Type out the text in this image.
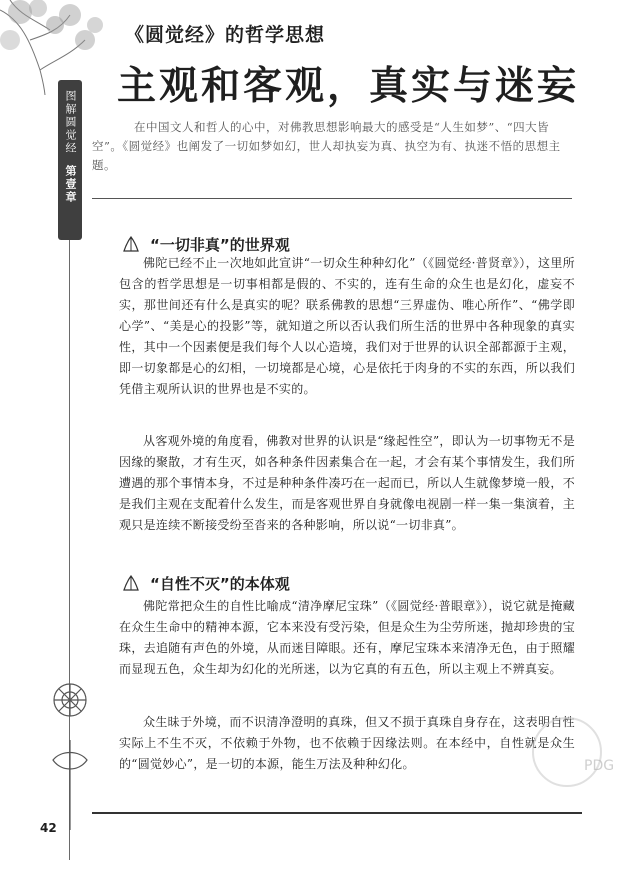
图解圆觉经
第壹章
《圆觉经》的哲学思想
主观和客观，真实与迷妄
在中国文人和哲人的心中，对佛教思想影响最大的感受是“人生如梦”、“四大皆空”。《圆觉经》也阐发了一切如梦如幻，世人却执妄为真、执空为有、执迷不悟的思想主题。
“一切非真”的世界观
佛陀已经不止一次地如此宣讲“一切众生种种幻化”（《圆觉经·普贤章》），这里所包含的哲学思想是一切事相都是假的、不实的，连有生命的众生也是幻化，虚妄不实，那世间还有什么是真实的呢？联系佛教的思想“三界虚伪、唯心所作”、“佛学即心学”、“美是心的投影”等，就知道之所以否认我们所生活的世界中各种现象的真实性，其中一个因素便是我们每个人以心造境，我们对于世界的认识全部都源于主观，即一切象都是心的幻相，一切境都是心境，心是依托于肉身的不实的东西，所以我们凭借主观所认识的世界也是不实的。
从客观外境的角度看，佛教对世界的认识是“缘起性空”，即认为一切事物无不是因缘的聚散，才有生灭，如各种条件因素集合在一起，才会有某个事情发生，我们所遭遇的那个事情本身，不过是种种条件凑巧在一起而已，所以人生就像梦境一般，不是我们主观在支配着什么发生，而是客观世界自身就像电视剧一样一集一集演着，主观只是连续不断接受纷至沓来的各种影响，所以说“一切非真”。
“自性不灭”的本体观
佛陀常把众生的自性比喻成“清净摩尼宝珠”（《圆觉经·普眼章》），说它就是掩藏在众生生命中的精神本源，它本来没有受污染，但是众生为尘劳所迷，抛却珍贵的宝珠，去追随有声色的外境，从而迷目障眼。还有，摩尼宝珠本来清净无色，由于照耀而显现五色，众生却为幻化的光所迷，以为它真的有五色，所以主观上不辨真妄。
众生昧于外境，而不识清净澄明的真珠，但又不损于真珠自身存在，这表明自性实际上不生不灭，不依赖于外物，也不依赖于因缘法则。在本经中，自性就是众生的“圆觉妙心”，是一切的本源，能生万法及种种幻化。
42
PDG
